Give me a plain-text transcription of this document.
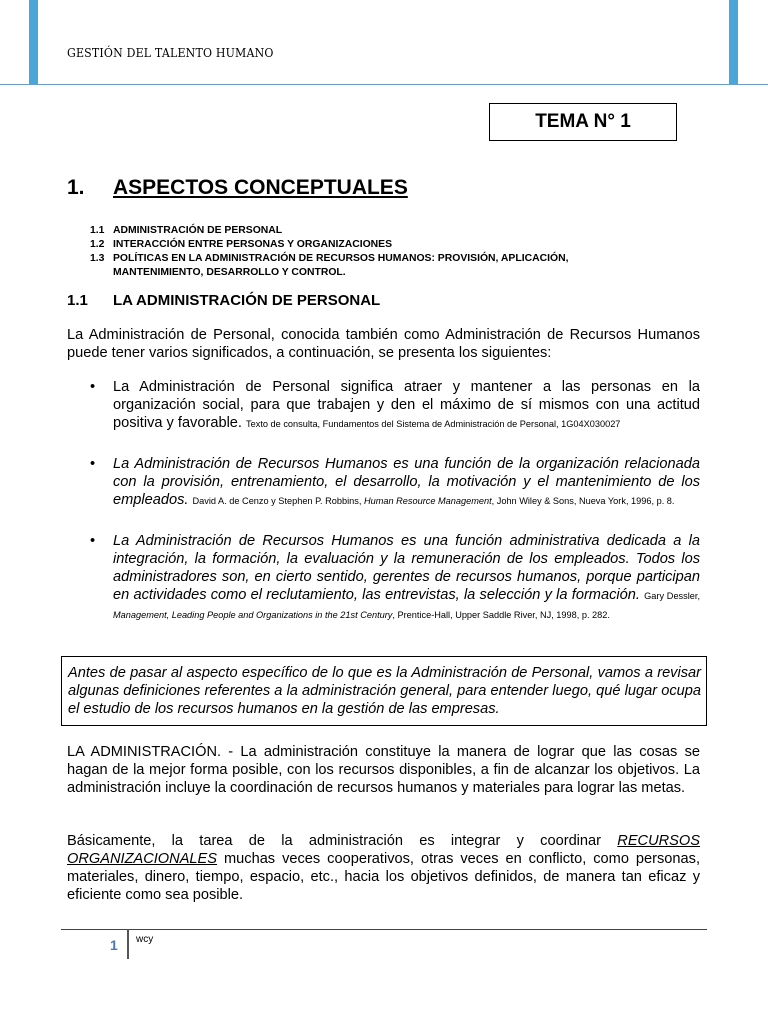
GESTIÓN DEL TALENTO HUMANO
TEMA N° 1
1. ASPECTOS CONCEPTUALES
1.1 ADMINISTRACIÓN DE PERSONAL
1.2 INTERACCIÓN ENTRE PERSONAS Y ORGANIZACIONES
1.3 POLÍTICAS EN LA ADMINISTRACIÓN DE RECURSOS HUMANOS: PROVISIÓN, APLICACIÓN, MANTENIMIENTO, DESARROLLO Y CONTROL.
1.1 LA ADMINISTRACIÓN DE PERSONAL
La Administración de Personal, conocida también como Administración de Recursos Humanos puede tener varios significados, a continuación, se presenta los siguientes:
• La Administración de Personal significa atraer y mantener a las personas en la organización social, para que trabajen y den el máximo de sí mismos con una actitud positiva y favorable. Texto de consulta, Fundamentos del Sistema de Administración de Personal, 1G04X030027
• La Administración de Recursos Humanos es una función de la organización relacionada con la provisión, entrenamiento, el desarrollo, la motivación y el mantenimiento de los empleados. David A. de Cenzo y Stephen P. Robbins, Human Resource Management, John Wiley & Sons, Nueva York, 1996, p. 8.
• La Administración de Recursos Humanos es una función administrativa dedicada a la integración, la formación, la evaluación y la remuneración de los empleados. Todos los administradores son, en cierto sentido, gerentes de recursos humanos, porque participan en actividades como el reclutamiento, las entrevistas, la selección y la formación. Gary Dessler, Management, Leading People and Organizations in the 21st Century, Prentice-Hall, Upper Saddle River, NJ, 1998, p. 282.
Antes de pasar al aspecto específico de lo que es la Administración de Personal, vamos a revisar algunas definiciones referentes a la administración general, para entender luego, qué lugar ocupa el estudio de los recursos humanos en la gestión de las empresas.
LA ADMINISTRACIÓN. - La administración constituye la manera de lograr que las cosas se hagan de la mejor forma posible, con los recursos disponibles, a fin de alcanzar los objetivos. La administración incluye la coordinación de recursos humanos y materiales para lograr las metas.
Básicamente, la tarea de la administración es integrar y coordinar RECURSOS ORGANIZACIONALES muchas veces cooperativos, otras veces en conflicto, como personas, materiales, dinero, tiempo, espacio, etc., hacia los objetivos definidos, de manera tan eficaz y eficiente como sea posible.
1 wcy
